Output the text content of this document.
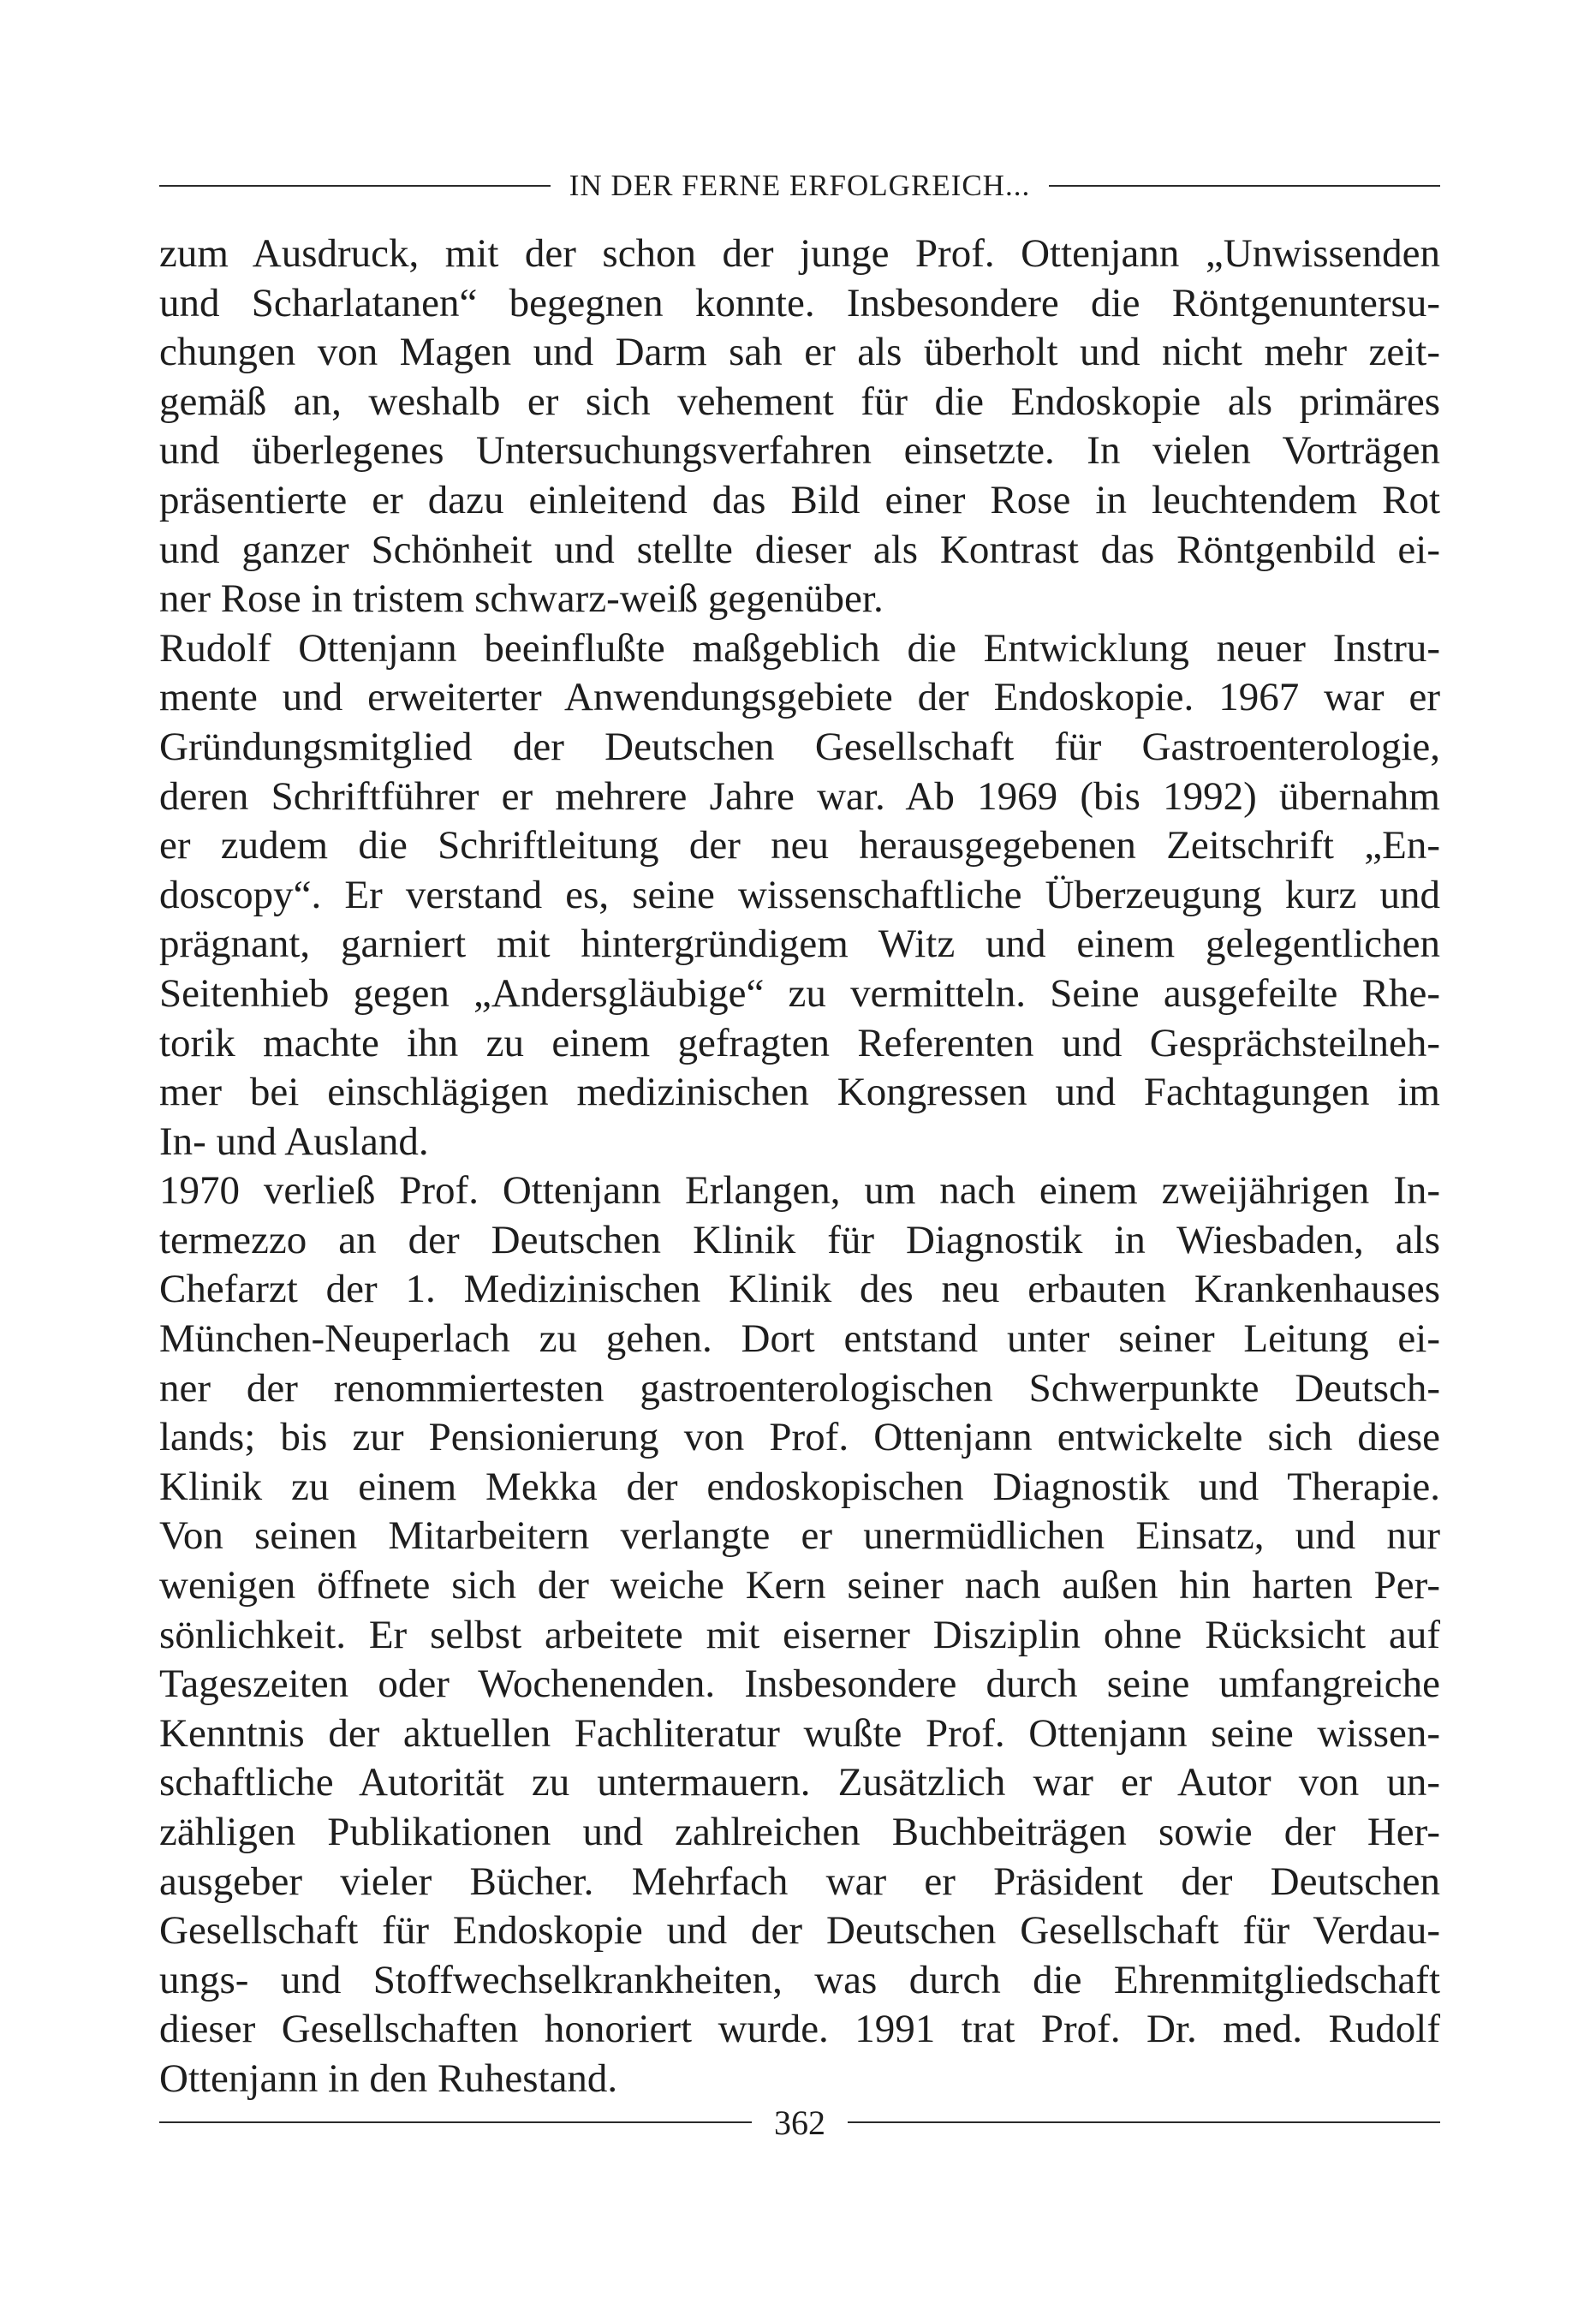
IN DER FERNE ERFOLGREICH...

zum Ausdruck, mit der schon der junge Prof. Ottenjann „Unwissenden
und Scharlatanen“ begegnen konnte. Insbesondere die Röntgenuntersu-
chungen von Magen und Darm sah er als überholt und nicht mehr zeit-
gemäß an, weshalb er sich vehement für die Endoskopie als primäres
und überlegenes Untersuchungsverfahren einsetzte. In vielen Vorträgen
präsentierte er dazu einleitend das Bild einer Rose in leuchtendem Rot
und ganzer Schönheit und stellte dieser als Kontrast das Röntgenbild ei-
ner Rose in tristem schwarz-weiß gegenüber.

Rudolf Ottenjann beeinflußte maßgeblich die Entwicklung neuer Instru-
mente und erweiterter Anwendungsgebiete der Endoskopie. 1967 war er
Gründungsmitglied der Deutschen Gesellschaft für Gastroenterologie,
deren Schriftführer er mehrere Jahre war. Ab 1969 (bis 1992) übernahm
er zudem die Schriftleitung der neu herausgegebenen Zeitschrift „En-
doscopy“. Er verstand es, seine wissenschaftliche Überzeugung kurz und
prägnant, garniert mit hintergründigem Witz und einem gelegentlichen
Seitenhieb gegen „Andersgläubige“ zu vermitteln. Seine ausgefeilte Rhe-
torik machte ihn zu einem gefragten Referenten und Gesprächsteilneh-
mer bei einschlägigen medizinischen Kongressen und Fachtagungen im
In- und Ausland.

1970 verließ Prof. Ottenjann Erlangen, um nach einem zweijährigen In-
termezzo an der Deutschen Klinik für Diagnostik in Wiesbaden, als
Chefarzt der 1. Medizinischen Klinik des neu erbauten Krankenhauses
München-Neuperlach zu gehen. Dort entstand unter seiner Leitung ei-
ner der renommiertesten gastroenterologischen Schwerpunkte Deutsch-
lands; bis zur Pensionierung von Prof. Ottenjann entwickelte sich diese
Klinik zu einem Mekka der endoskopischen Diagnostik und Therapie.
Von seinen Mitarbeitern verlangte er unermüdlichen Einsatz, und nur
wenigen öffnete sich der weiche Kern seiner nach außen hin harten Per-
sönlichkeit. Er selbst arbeitete mit eiserner Disziplin ohne Rücksicht auf
Tageszeiten oder Wochenenden. Insbesondere durch seine umfangreiche
Kenntnis der aktuellen Fachliteratur wußte Prof. Ottenjann seine wissen-
schaftliche Autorität zu untermauern. Zusätzlich war er Autor von un-
zähligen Publikationen und zahlreichen Buchbeiträgen sowie der Her-
ausgeber vieler Bücher. Mehrfach war er Präsident der Deutschen
Gesellschaft für Endoskopie und der Deutschen Gesellschaft für Verdau-
ungs- und Stoffwechselkrankheiten, was durch die Ehrenmitgliedschaft
dieser Gesellschaften honoriert wurde. 1991 trat Prof. Dr. med. Rudolf
Ottenjann in den Ruhestand.

362
